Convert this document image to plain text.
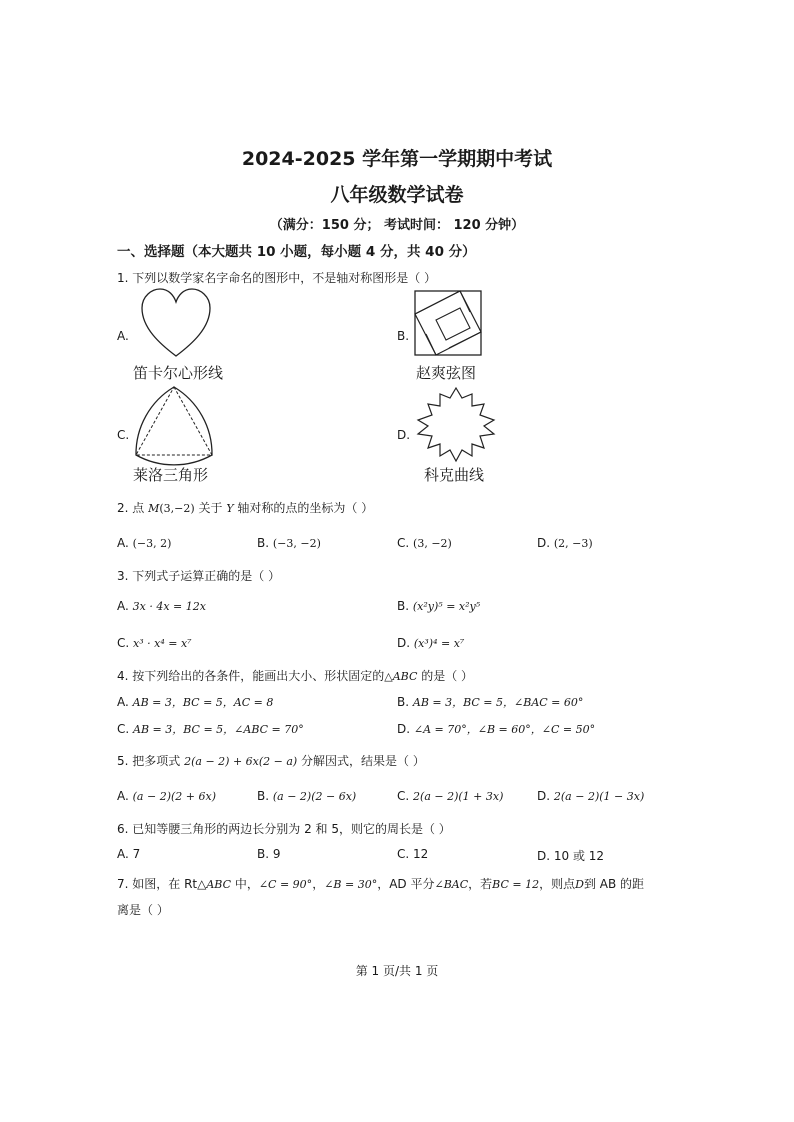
2024-2025 学年第一学期期中考试
八年级数学试卷
（满分：150 分； 考试时间： 120 分钟）
一、选择题（本大题共 10 小题，每小题 4 分，共 40 分）
1. 下列以数学家名字命名的图形中，不是轴对称图形是（ ）
A.
笛卡尔心形线
B.
赵爽弦图
C.
莱洛三角形
D.
科克曲线
2. 点 M(3,−2) 关于 Y 轴对称的点的坐标为（ ）
A. (−3, 2)	B. (−3, −2)	C. (3, −2)	D. (2, −3)
3. 下列式子运算正确的是（ ）
A. 3x · 4x = 12x	B. (x²y)⁵ = x²y⁵
C. x³ · x⁴ = x⁷	D. (x³)⁴ = x⁷
4. 按下列给出的各条件，能画出大小、形状固定的△ABC 的是（ ）
A. AB = 3，BC = 5，AC = 8	B. AB = 3，BC = 5，∠BAC = 60°
C. AB = 3，BC = 5，∠ABC = 70°	D. ∠A = 70°，∠B = 60°，∠C = 50°
5. 把多项式 2(a − 2) + 6x(2 − a) 分解因式，结果是（ ）
A. (a − 2)(2 + 6x)	B. (a − 2)(2 − 6x)	C. 2(a − 2)(1 + 3x)	D. 2(a − 2)(1 − 3x)
6. 已知等腰三角形的两边长分别为 2 和 5，则它的周长是（ ）
A. 7	B. 9	C. 12	D. 10 或 12
7. 如图，在 Rt△ABC 中，∠C = 90°，∠B = 30°，AD 平分∠BAC，若BC = 12，则点D到 AB 的距
离是（ ）
第 1 页/共 1 页
